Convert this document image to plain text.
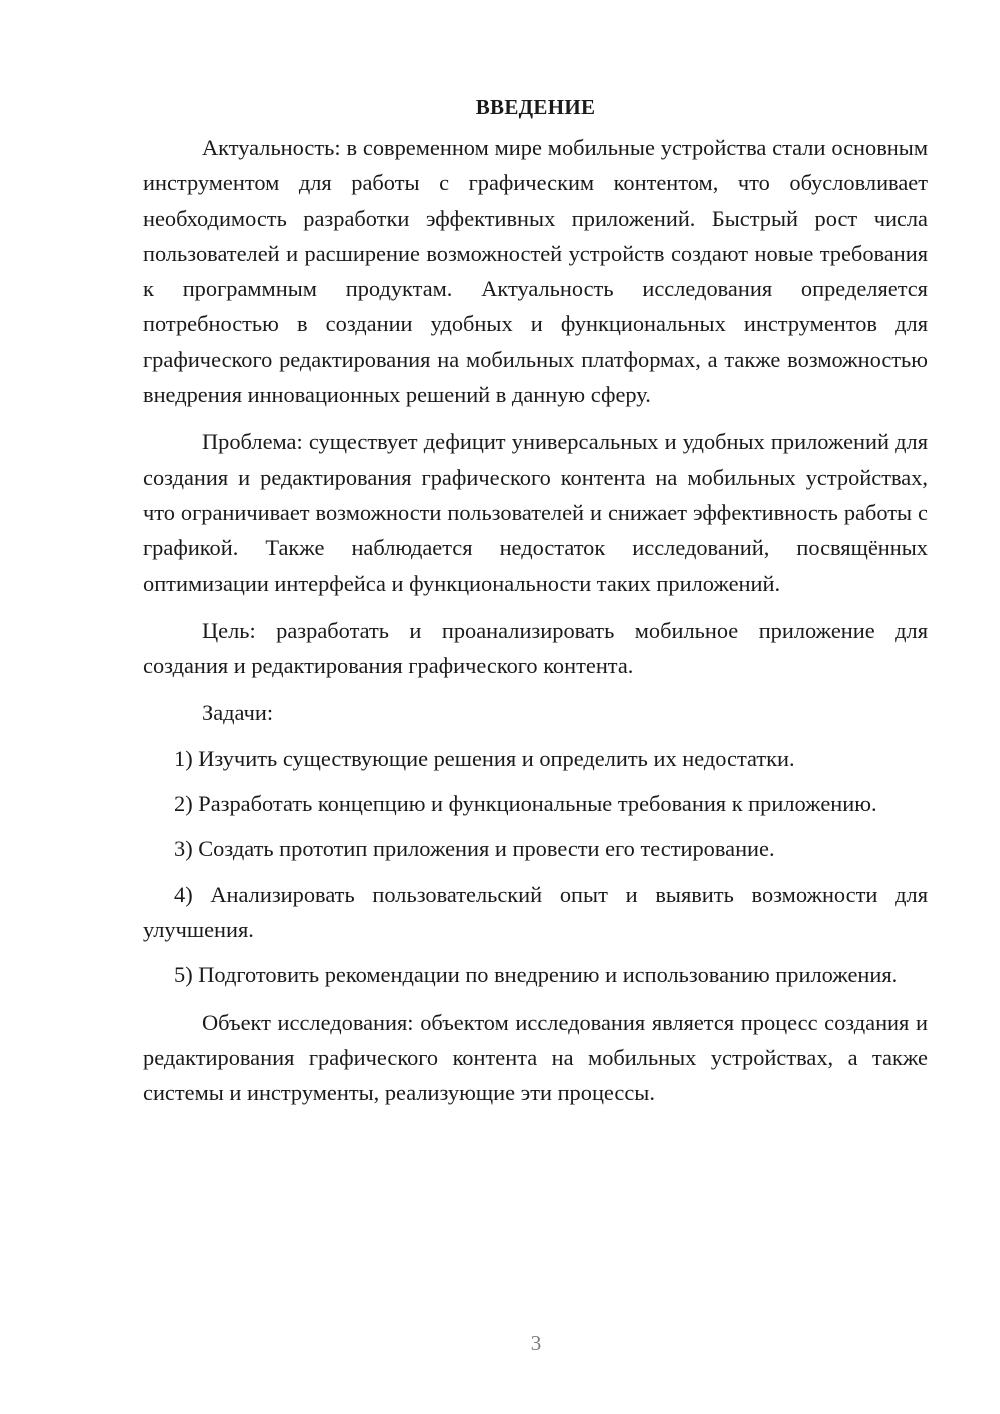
ВВЕДЕНИЕ

Актуальность: в современном мире мобильные устройства стали основным инструментом для работы с графическим контентом, что обусловливает необходимость разработки эффективных приложений. Быстрый рост числа пользователей и расширение возможностей устройств создают новые требования к программным продуктам. Актуальность исследования определяется потребностью в создании удобных и функциональных инструментов для графического редактирования на мобильных платформах, а также возможностью внедрения инновационных решений в данную сферу.

Проблема: существует дефицит универсальных и удобных приложений для создания и редактирования графического контента на мобильных устройствах, что ограничивает возможности пользователей и снижает эффективность работы с графикой. Также наблюдается недостаток исследований, посвящённых оптимизации интерфейса и функциональности таких приложений.

Цель: разработать и проанализировать мобильное приложение для создания и редактирования графического контента.

Задачи:

1) Изучить существующие решения и определить их недостатки.

2) Разработать концепцию и функциональные требования к приложению.

3) Создать прототип приложения и провести его тестирование.

4) Анализировать пользовательский опыт и выявить возможности для улучшения.

5) Подготовить рекомендации по внедрению и использованию приложения.

Объект исследования: объектом исследования является процесс создания и редактирования графического контента на мобильных устройствах, а также системы и инструменты, реализующие эти процессы.

3
